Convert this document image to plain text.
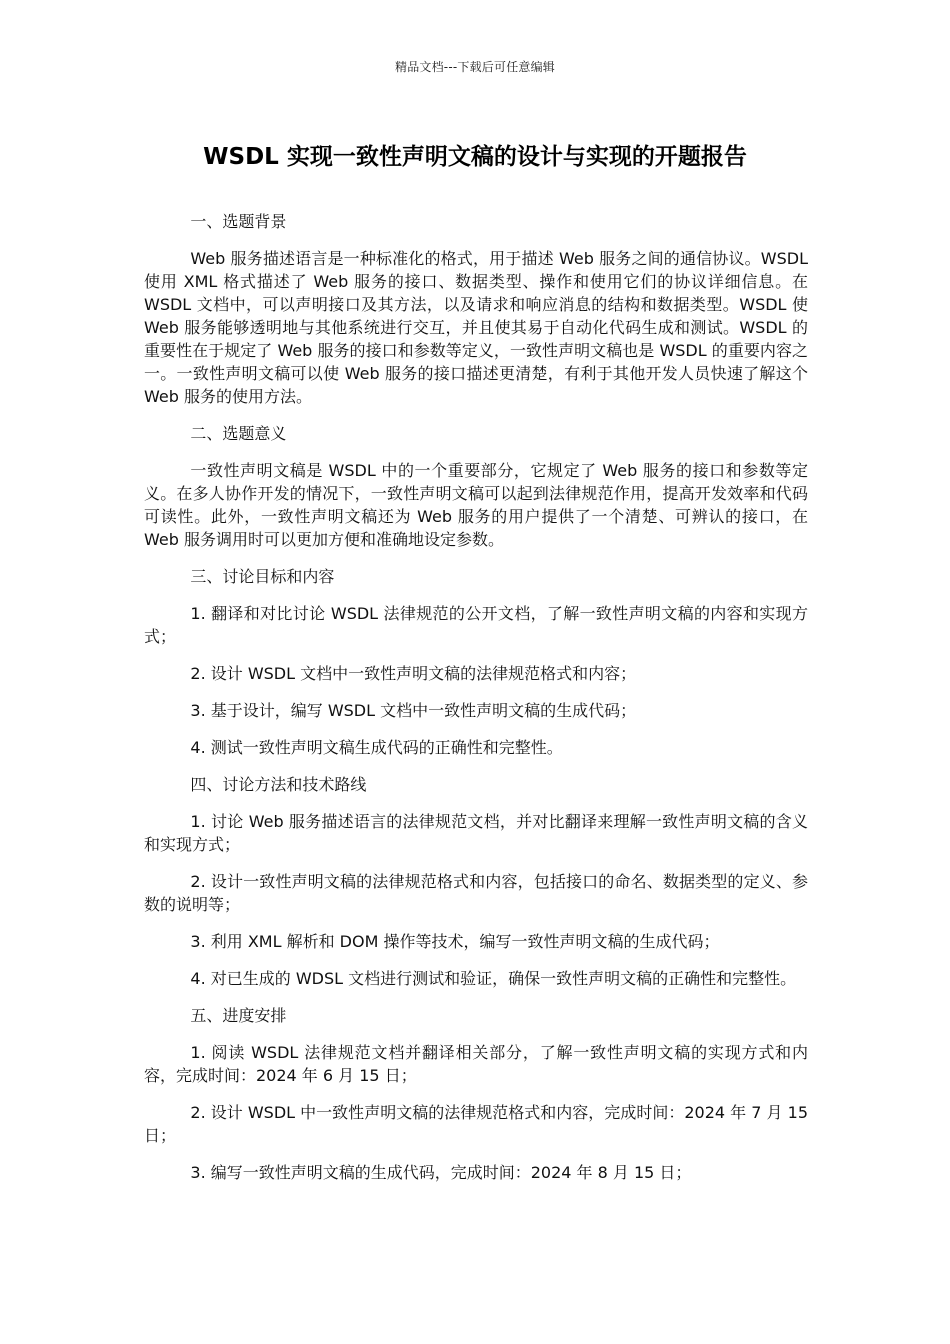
精品文档---下载后可任意编辑
WSDL 实现一致性声明文稿的设计与实现的开题报告
一、选题背景

Web 服务描述语言是一种标准化的格式，用于描述 Web 服务之间的通信协议。WSDL 使用 XML 格式描述了 Web 服务的接口、数据类型、操作和使用它们的协议详细信息。在 WSDL 文档中，可以声明接口及其方法，以及请求和响应消息的结构和数据类型。WSDL 使 Web 服务能够透明地与其他系统进行交互，并且使其易于自动化代码生成和测试。WSDL 的重要性在于规定了 Web 服务的接口和参数等定义，一致性声明文稿也是 WSDL 的重要内容之一。一致性声明文稿可以使 Web 服务的接口描述更清楚，有利于其他开发人员快速了解这个 Web 服务的使用方法。

二、选题意义

一致性声明文稿是 WSDL 中的一个重要部分，它规定了 Web 服务的接口和参数等定义。在多人协作开发的情况下，一致性声明文稿可以起到法律规范作用，提高开发效率和代码可读性。此外，一致性声明文稿还为 Web 服务的用户提供了一个清楚、可辨认的接口，在 Web 服务调用时可以更加方便和准确地设定参数。

三、讨论目标和内容

1. 翻译和对比讨论 WSDL 法律规范的公开文档，了解一致性声明文稿的内容和实现方式；

2. 设计 WSDL 文档中一致性声明文稿的法律规范格式和内容；

3. 基于设计，编写 WSDL 文档中一致性声明文稿的生成代码；

4. 测试一致性声明文稿生成代码的正确性和完整性。

四、讨论方法和技术路线

1. 讨论 Web 服务描述语言的法律规范文档，并对比翻译来理解一致性声明文稿的含义和实现方式；

2. 设计一致性声明文稿的法律规范格式和内容，包括接口的命名、数据类型的定义、参数的说明等；

3. 利用 XML 解析和 DOM 操作等技术，编写一致性声明文稿的生成代码；

4. 对已生成的 WDSL 文档进行测试和验证，确保一致性声明文稿的正确性和完整性。

五、进度安排

1. 阅读 WSDL 法律规范文档并翻译相关部分，了解一致性声明文稿的实现方式和内容，完成时间：2024 年 6 月 15 日；

2. 设计 WSDL 中一致性声明文稿的法律规范格式和内容，完成时间：2024 年 7 月 15 日；

3. 编写一致性声明文稿的生成代码，完成时间：2024 年 8 月 15 日；
